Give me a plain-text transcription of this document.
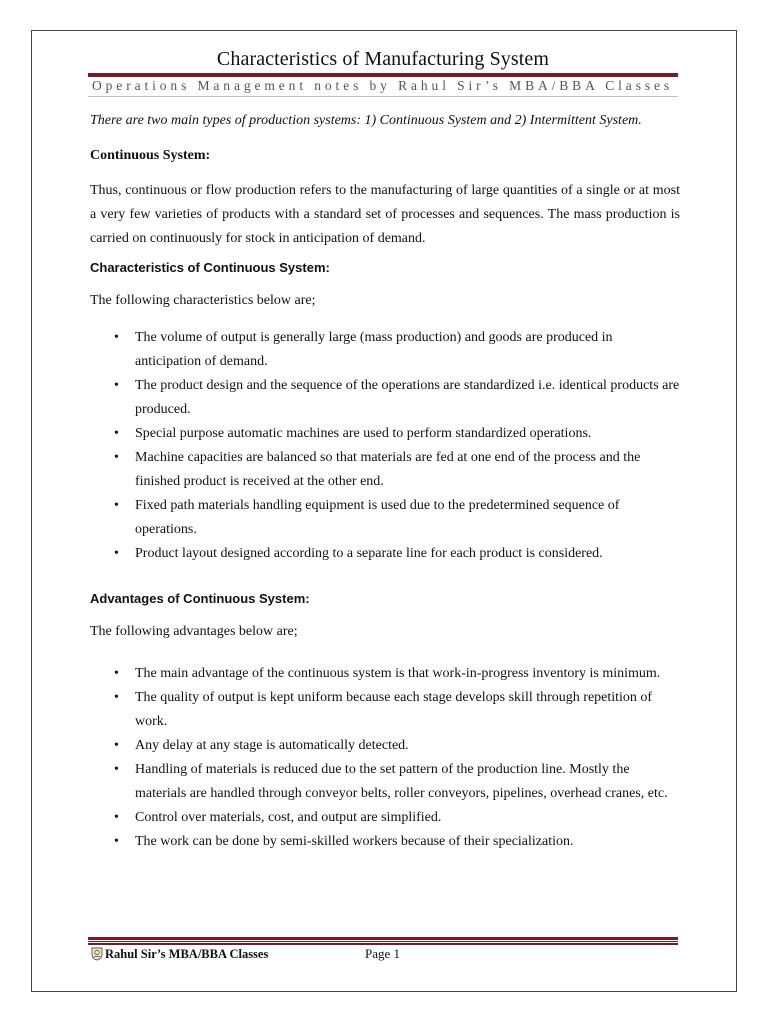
Characteristics of Manufacturing System
Operations Management notes by Rahul Sir’s MBA/BBA Classes

There are two main types of production systems: 1) Continuous System and 2) Intermittent System.

Continuous System:

Thus, continuous or flow production refers to the manufacturing of large quantities of a single or at most a very few varieties of products with a standard set of processes and sequences. The mass production is carried on continuously for stock in anticipation of demand.

Characteristics of Continuous System:

The following characteristics below are;

• The volume of output is generally large (mass production) and goods are produced in anticipation of demand.
• The product design and the sequence of the operations are standardized i.e. identical products are produced.
• Special purpose automatic machines are used to perform standardized operations.
• Machine capacities are balanced so that materials are fed at one end of the process and the finished product is received at the other end.
• Fixed path materials handling equipment is used due to the predetermined sequence of operations.
• Product layout designed according to a separate line for each product is considered.

Advantages of Continuous System:

The following advantages below are;

• The main advantage of the continuous system is that work-in-progress inventory is minimum.
• The quality of output is kept uniform because each stage develops skill through repetition of work.
• Any delay at any stage is automatically detected.
• Handling of materials is reduced due to the set pattern of the production line. Mostly the materials are handled through conveyor belts, roller conveyors, pipelines, overhead cranes, etc.
• Control over materials, cost, and output are simplified.
• The work can be done by semi-skilled workers because of their specialization.
Rahul Sir’s MBA/BBA Classes	Page 1
